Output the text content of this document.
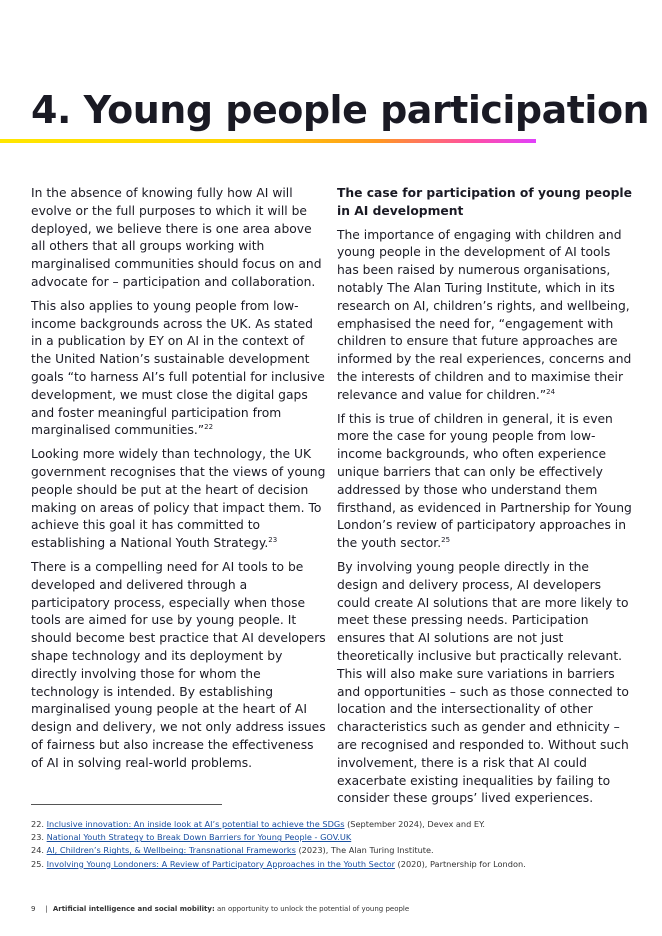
4. Young people participation

In the absence of knowing fully how AI will evolve or the full purposes to which it will be deployed, we believe there is one area above all others that all groups working with marginalised communities should focus on and advocate for – participation and collaboration.

This also applies to young people from low-income backgrounds across the UK. As stated in a publication by EY on AI in the context of the United Nation’s sustainable development goals “to harness AI’s full potential for inclusive development, we must close the digital gaps and foster meaningful participation from marginalised communities.”$^{22}$

Looking more widely than technology, the UK government recognises that the views of young people should be put at the heart of decision making on areas of policy that impact them. To achieve this goal it has committed to establishing a National Youth Strategy.$^{23}$

There is a compelling need for AI tools to be developed and delivered through a participatory process, especially when those tools are aimed for use by young people. It should become best practice that AI developers shape technology and its deployment by directly involving those for whom the technology is intended. By establishing marginalised young people at the heart of AI design and delivery, we not only address issues of fairness but also increase the effectiveness of AI in solving real-world problems.

The case for participation of young people in AI development

The importance of engaging with children and young people in the development of AI tools has been raised by numerous organisations, notably The Alan Turing Institute, which in its research on AI, children’s rights, and wellbeing, emphasised the need for, “engagement with children to ensure that future approaches are informed by the real experiences, concerns and the interests of children and to maximise their relevance and value for children.”$^{24}$

If this is true of children in general, it is even more the case for young people from low-income backgrounds, who often experience unique barriers that can only be effectively addressed by those who understand them firsthand, as evidenced in Partnership for Young London’s review of participatory approaches in the youth sector.$^{25}$

By involving young people directly in the design and delivery process, AI developers could create AI solutions that are more likely to meet these pressing needs. Participation ensures that AI solutions are not just theoretically inclusive but practically relevant. This will also make sure variations in barriers and opportunities – such as those connected to location and the intersectionality of other characteristics such as gender and ethnicity – are recognised and responded to. Without such involvement, there is a risk that AI could exacerbate existing inequalities by failing to consider these groups’ lived experiences.

22. Inclusive innovation: An inside look at AI’s potential to achieve the SDGs (September 2024), Devex and EY.
23. National Youth Strategy to Break Down Barriers for Young People - GOV.UK
24. AI, Children’s Rights, & Wellbeing: Transnational Frameworks (2023), The Alan Turing Institute.
25. Involving Young Londoners: A Review of Participatory Approaches in the Youth Sector (2020), Partnership for London.
9 | Artificial intelligence and social mobility: an opportunity to unlock the potential of young people
